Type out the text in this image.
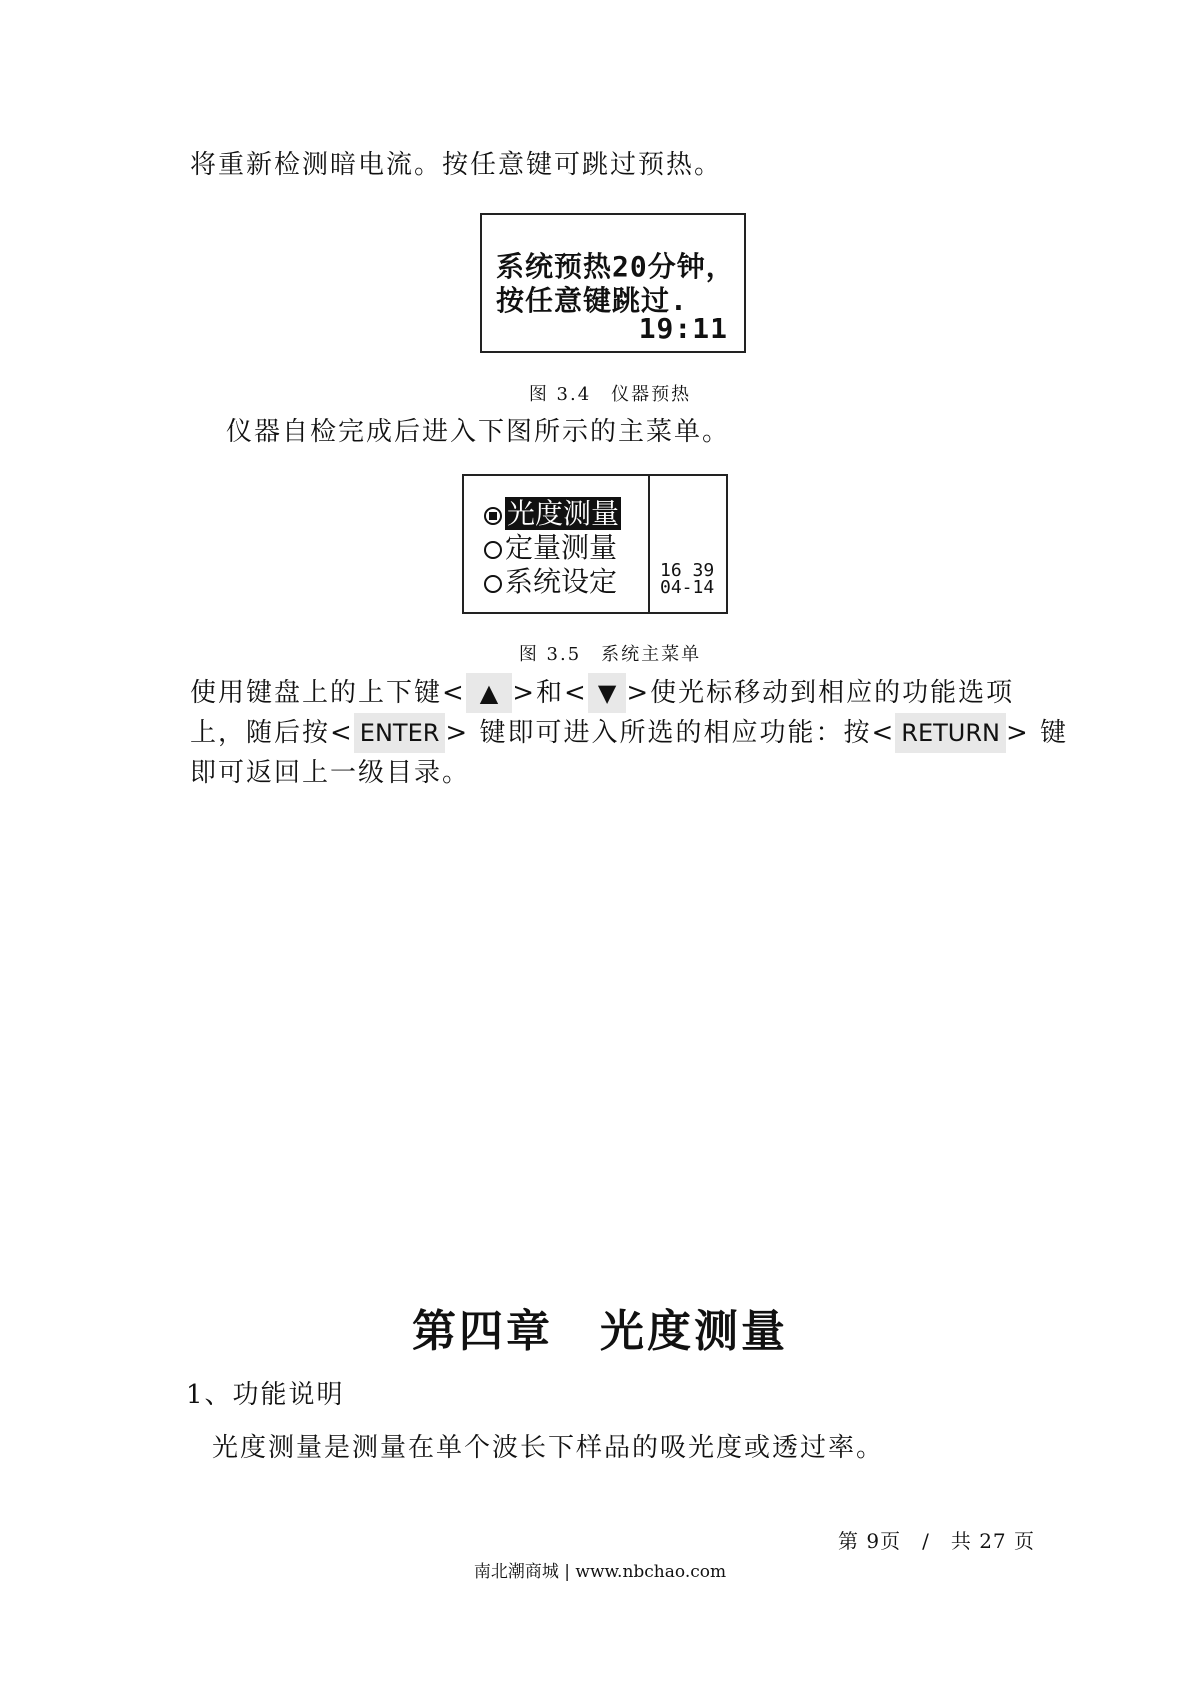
将重新检测暗电流。按任意键可跳过预热。
系统预热20分钟，
按任意键跳过.
19:11
图 3.4　仪器预热
仪器自检完成后进入下图所示的主菜单。
光度测量
定量测量
系统设定 16 39
04-14
图 3.5　系统主菜单
使用键盘上的上下键< ▲ >和< ▼ >使光标移动到相应的功能选项
上，随后按< ENTER > 键即可进入所选的相应功能：按< RETURN > 键
即可返回上一级目录。
第四章　光度测量
1、功能说明
光度测量是测量在单个波长下样品的吸光度或透过率。
第 9页　/　共 27 页
南北潮商城 | www.nbchao.com
